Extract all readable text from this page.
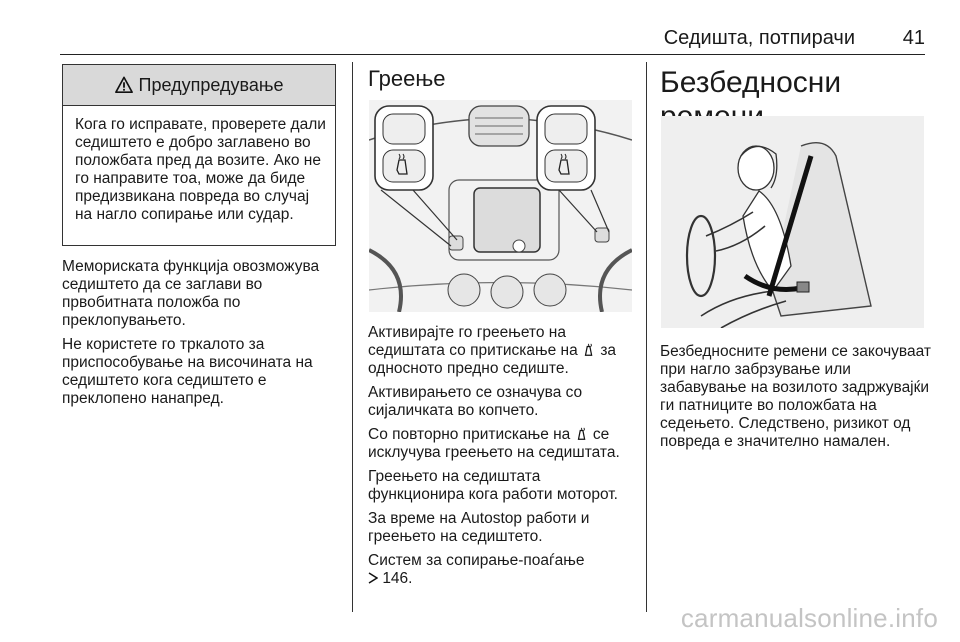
Седишта, потпирачи 41
Предупредување
Кога го исправате, проверете дали седиштето е добро заглавено во положбата пред да возите. Ако не го направите тоа, може да биде предизвикана повреда во случај на нагло сопирање или судар.

Меморискaта функција овозможува седиштето да се заглави во првобитната положба по преклопувањето.

Не користете го тркалото за приспособување на височината на седиштето кога седиштето е преклопено нанапред.

Греење

Активирајте го греењето на седиштата со притискање на  за односното предно седиште.

Активирањето се означува со сијаличката во копчето.

Со повторно притискање на  се исклучува греењето на седиштата.

Греењето на седиштата функционира кога работи моторот.

За време на Autostop работи и греењето на седиштето.

Систем за сопирање-поаѓање
146.

Безбедносни

Безбедносните ремени се закочуваат при нагло забрзување или забавување на возилото задржувајќи ги патниците во положбата на седењето. Следствено, ризикот од повреда е значително намален.

carmanualsonline.info
